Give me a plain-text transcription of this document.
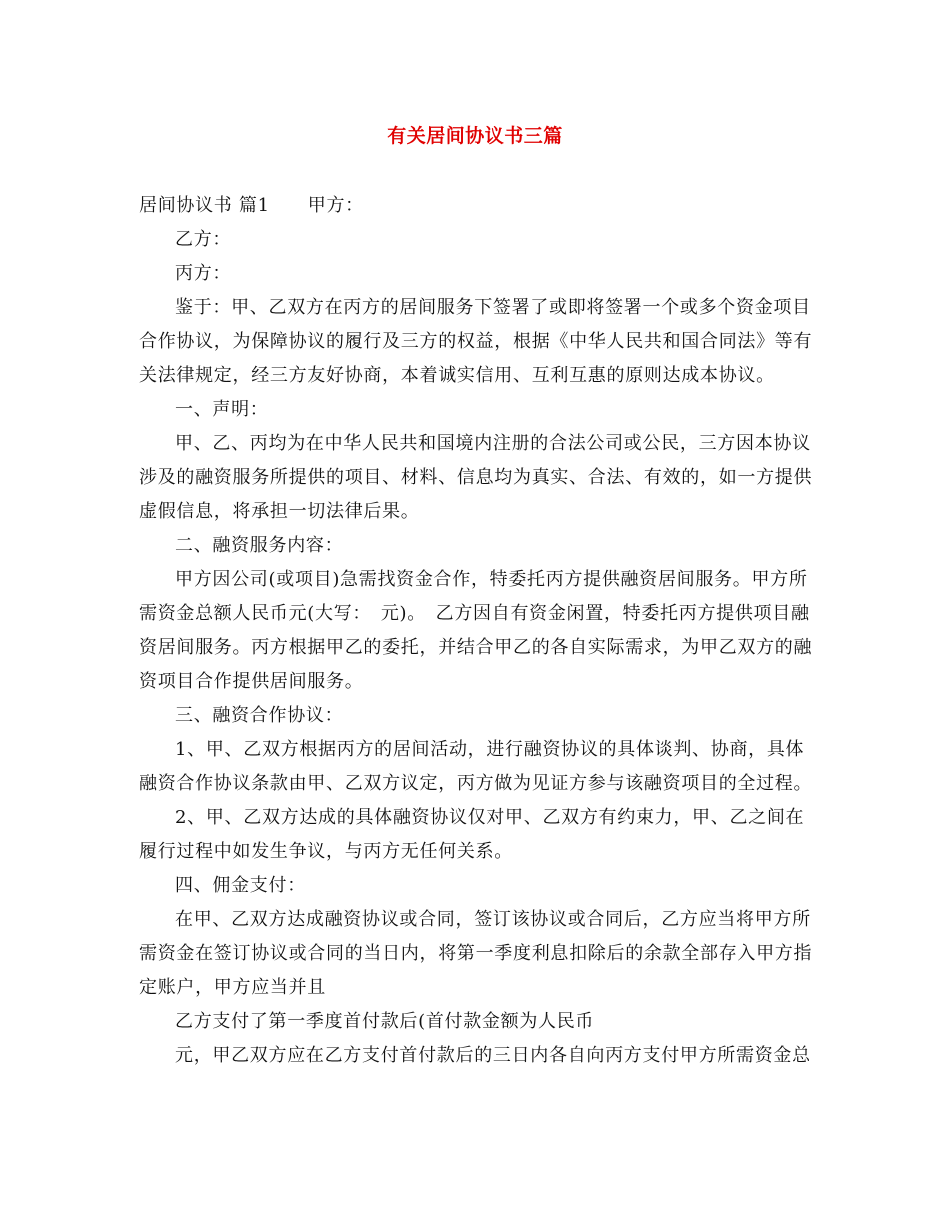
有关居间协议书三篇
居间协议书 篇1 甲方：
乙方：
丙方：
鉴于：甲、乙双方在丙方的居间服务下签署了或即将签署一个或多个资金项目
合作协议，为保障协议的履行及三方的权益，根据《中华人民共和国合同法》等有
关法律规定，经三方友好协商，本着诚实信用、互利互惠的原则达成本协议。
一、声明：
甲、乙、丙均为在中华人民共和国境内注册的合法公司或公民，三方因本协议
涉及的融资服务所提供的项目、材料、信息均为真实、合法、有效的，如一方提供
虚假信息，将承担一切法律后果。
二、融资服务内容：
甲方因公司(或项目)急需找资金合作，特委托丙方提供融资居间服务。甲方所
需资金总额人民币元(大写：　元)。　乙方因自有资金闲置，特委托丙方提供项目融
资居间服务。丙方根据甲乙的委托，并结合甲乙的各自实际需求，为甲乙双方的融
资项目合作提供居间服务。
三、融资合作协议：
1、甲、乙双方根据丙方的居间活动，进行融资协议的具体谈判、协商，具体
融资合作协议条款由甲、乙双方议定，丙方做为见证方参与该融资项目的全过程。
2、甲、乙双方达成的具体融资协议仅对甲、乙双方有约束力，甲、乙之间在
履行过程中如发生争议，与丙方无任何关系。
四、佣金支付：
在甲、乙双方达成融资协议或合同，签订该协议或合同后，乙方应当将甲方所
需资金在签订协议或合同的当日内，将第一季度利息扣除后的余款全部存入甲方指
定账户，甲方应当并且
乙方支付了第一季度首付款后(首付款金额为人民币
元，甲乙双方应在乙方支付首付款后的三日内各自向丙方支付甲方所需资金总
